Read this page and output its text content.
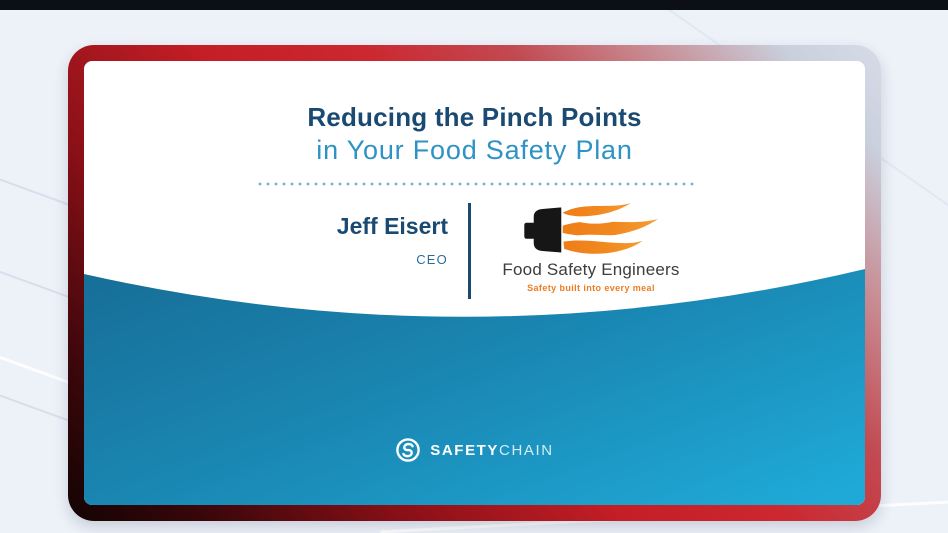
Reducing the Pinch Points
in Your Food Safety Plan
Jeff Eisert
CEO
Food Safety Engineers
Safety built into every meal
SAFETYCHAIN
